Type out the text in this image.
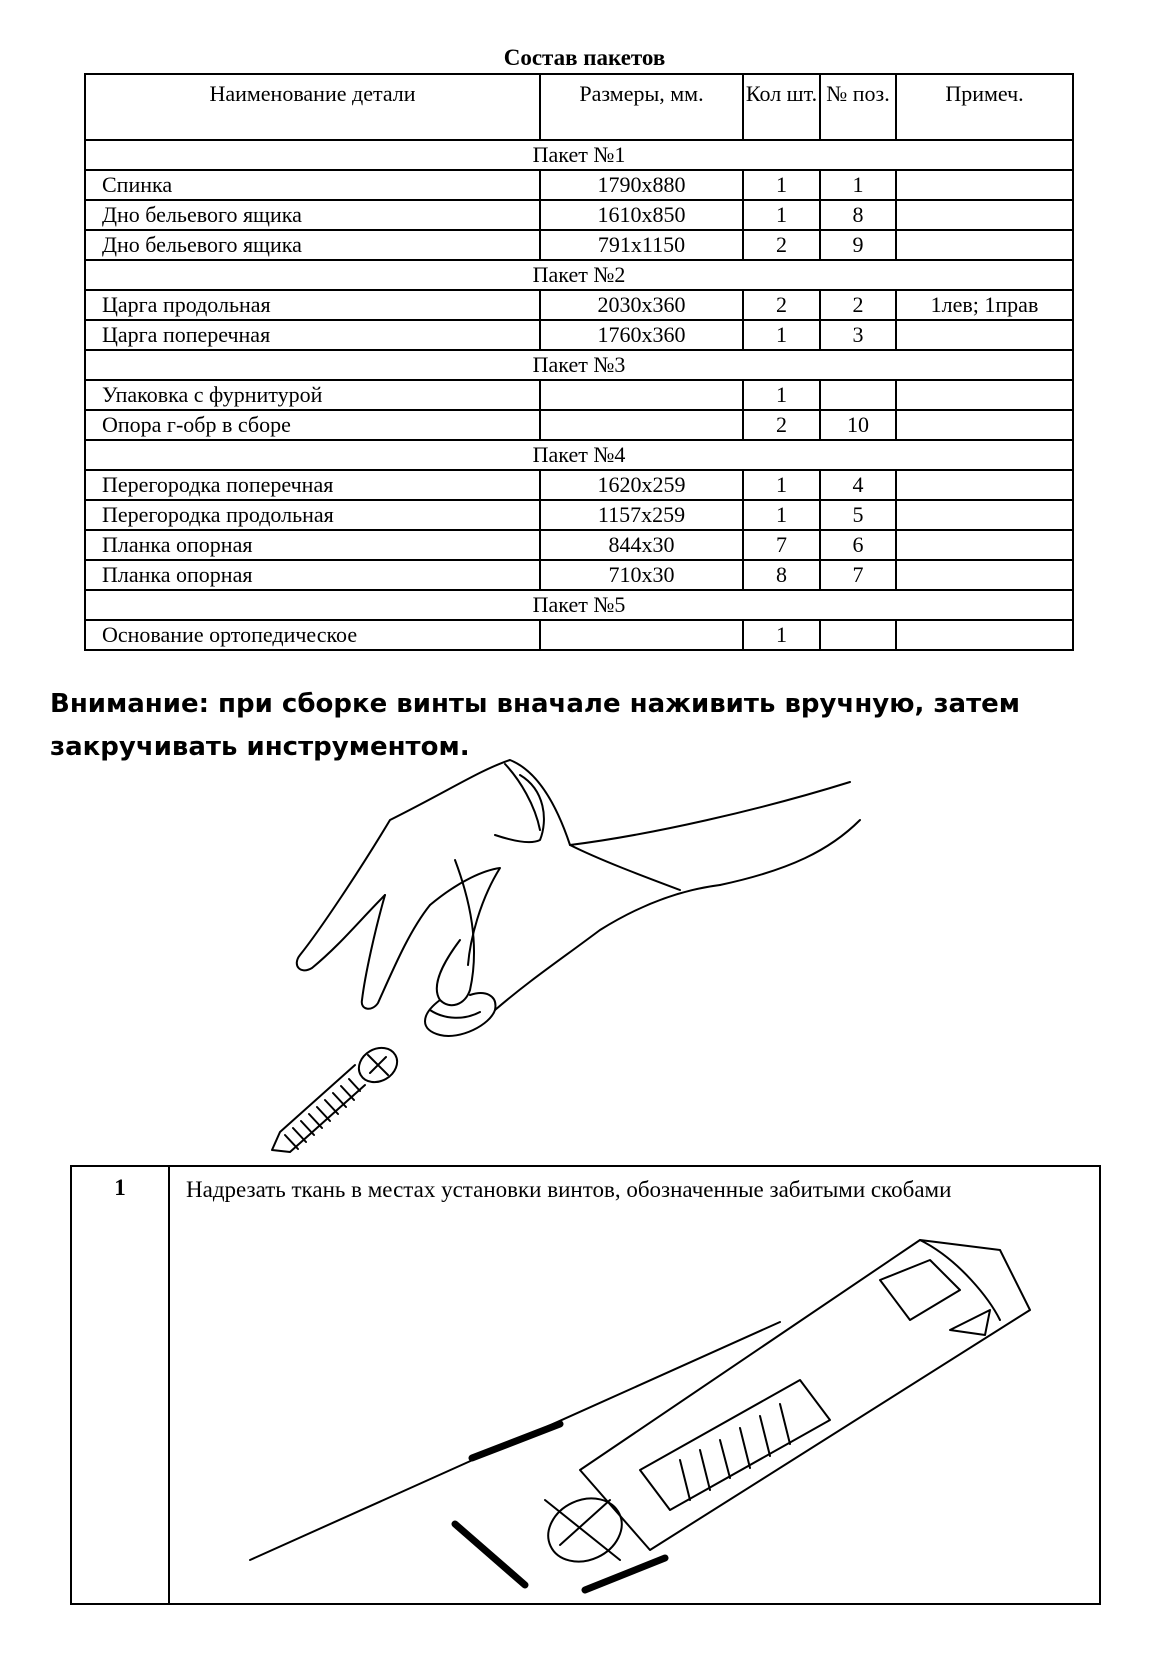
Состав пакетов
Наименование детали	Размеры, мм.	Кол шт.	№ поз.	Примеч.
Пакет №1				
Спинка	1790x880	1	1	
Дно бельевого ящика	1610x850	1	8	
Дно бельевого ящика	791x1150	2	9	
Пакет №2				
Царга продольная	2030x360	2	2	1лев; 1прав
Царга поперечная	1760x360	1	3	
Пакет №3				
Упаковка с фурнитурой		1		
Опора г-обр в сборе		2	10	
Пакет №4				
Перегородка поперечная	1620x259	1	4	
Перегородка продольная	1157x259	1	5	
Планка опорная	844x30	7	6	
Планка опорная	710x30	8	7	
Пакет №5				
Основание ортопедическое		1		
Внимание: при сборке винты вначале наживить вручную, затем закручивать инструментом.
1	Надрезать ткань в местах установки винтов, обозначенные забитыми скобами
